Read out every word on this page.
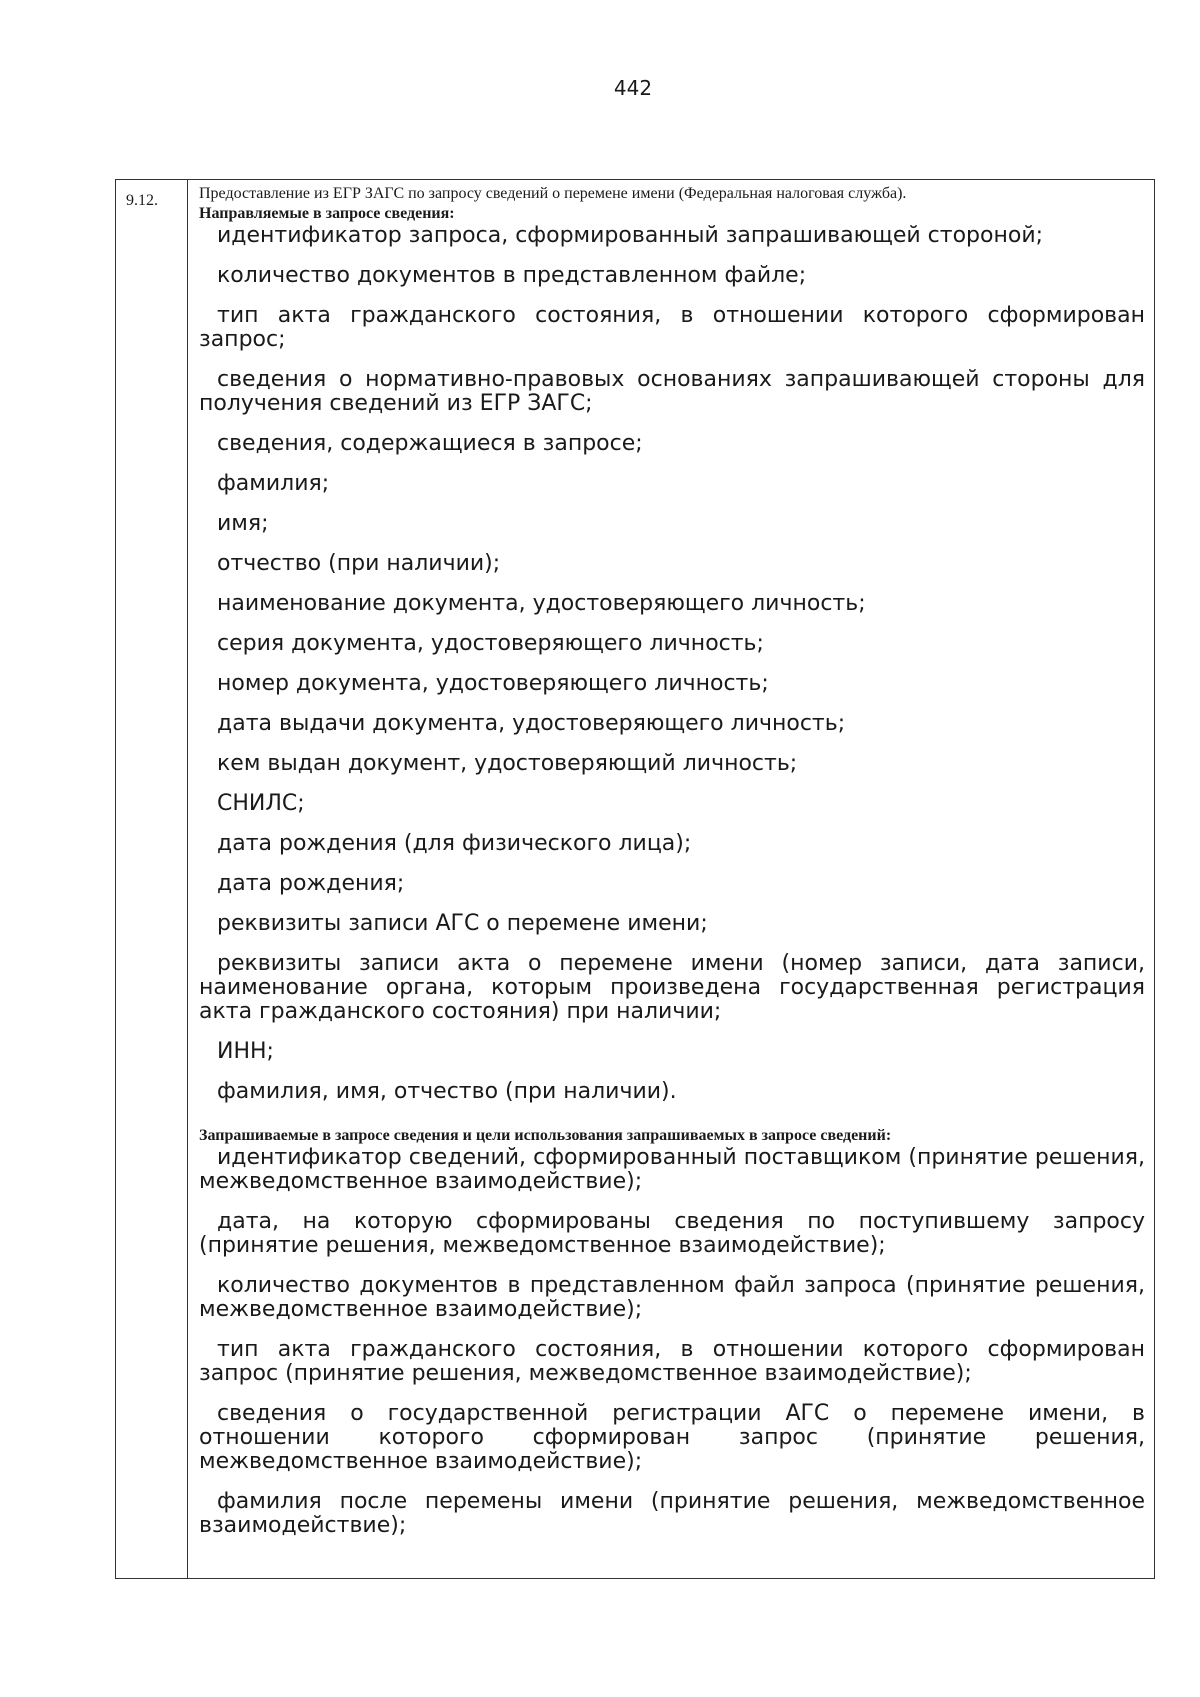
442
9.12.	Предоставление из ЕГР ЗАГС по запросу сведений о перемене имени (Федеральная налоговая служба).
Направляемые в запросе сведения:

идентификатор запроса, сформированный запрашивающей стороной;

количество документов в представленном файле;

тип акта гражданского состояния, в отношении которого сформирован запрос;

сведения о нормативно-правовых основаниях запрашивающей стороны для получения сведений из ЕГР ЗАГС;

сведения, содержащиеся в запросе;

фамилия;

имя;

отчество (при наличии);

наименование документа, удостоверяющего личность;

серия документа, удостоверяющего личность;

номер документа, удостоверяющего личность;

дата выдачи документа, удостоверяющего личность;

кем выдан документ, удостоверяющий личность;

СНИЛС;

дата рождения (для физического лица);

дата рождения;

реквизиты записи АГС о перемене имени;

реквизиты записи акта о перемене имени (номер записи, дата записи, наименование органа, которым произведена государственная регистрация акта гражданского состояния) при наличии;

ИНН;

фамилия, имя, отчество (при наличии).

Запрашиваемые в запросе сведения и цели использования запрашиваемых в запросе сведений:

идентификатор сведений, сформированный поставщиком (принятие решения, межведомственное взаимодействие);

дата, на которую сформированы сведения по поступившему запросу (принятие решения, межведомственное взаимодействие);

количество документов в представленном файл запроса (принятие решения, межведомственное взаимодействие);

тип акта гражданского состояния, в отношении которого сформирован запрос (принятие решения, межведомственное взаимодействие);

сведения о государственной регистрации АГС о перемене имени, в отношении которого сформирован запрос (принятие решения, межведомственное взаимодействие);

фамилия после перемены имени (принятие решения, межведомственное взаимодействие);
